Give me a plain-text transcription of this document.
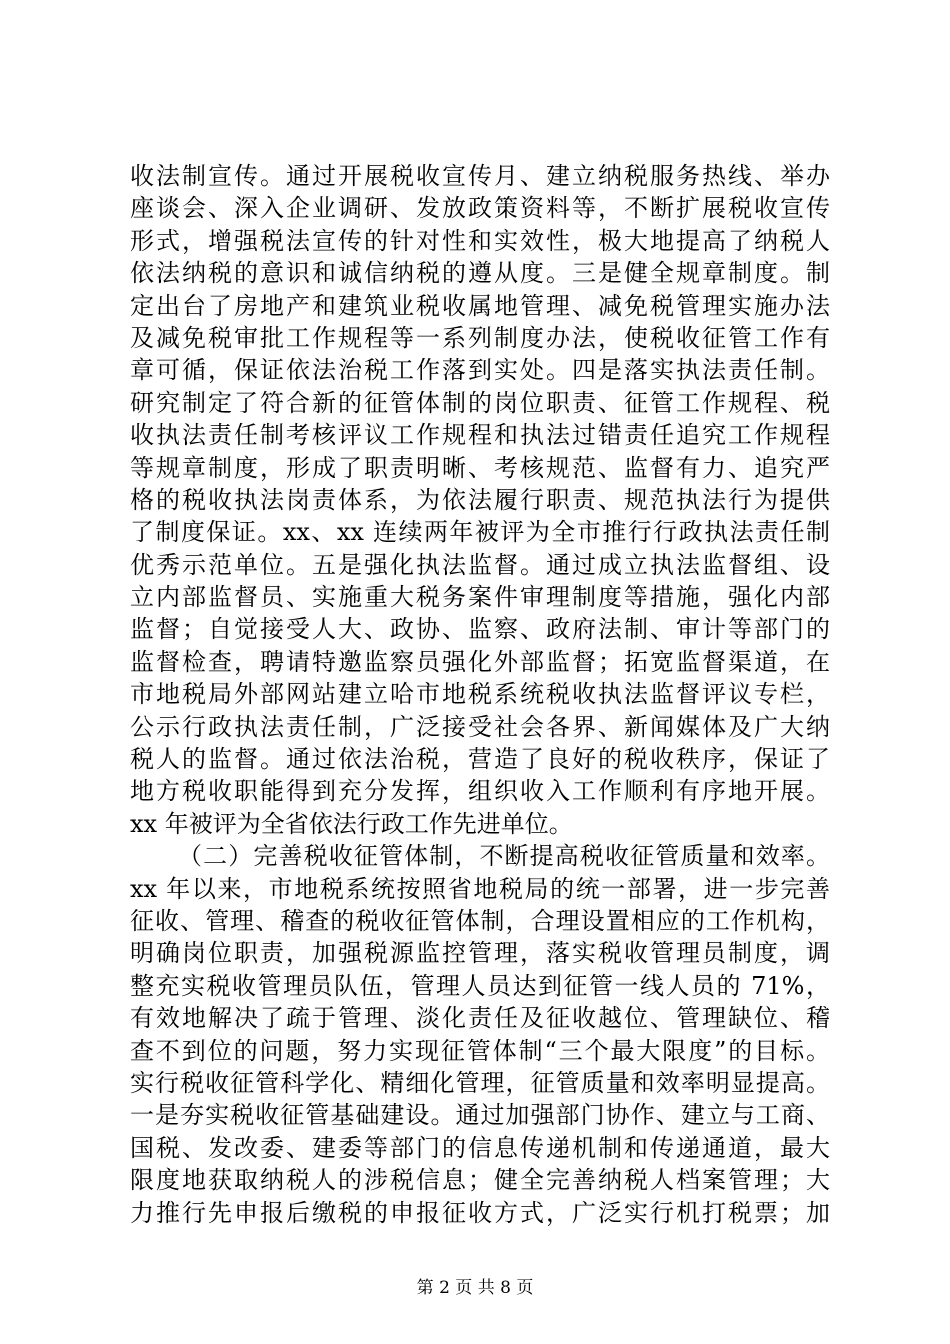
收法制宣传。通过开展税收宣传月、建立纳税服务热线、举办
座谈会、深入企业调研、发放政策资料等，不断扩展税收宣传
形式，增强税法宣传的针对性和实效性，极大地提高了纳税人
依法纳税的意识和诚信纳税的遵从度。三是健全规章制度。制
定出台了房地产和建筑业税收属地管理、减免税管理实施办法
及减免税审批工作规程等一系列制度办法，使税收征管工作有
章可循，保证依法治税工作落到实处。四是落实执法责任制。
研究制定了符合新的征管体制的岗位职责、征管工作规程、税
收执法责任制考核评议工作规程和执法过错责任追究工作规程
等规章制度，形成了职责明晰、考核规范、监督有力、追究严
格的税收执法岗责体系，为依法履行职责、规范执法行为提供
了制度保证。xx、xx 连续两年被评为全市推行行政执法责任制
优秀示范单位。五是强化执法监督。通过成立执法监督组、设
立内部监督员、实施重大税务案件审理制度等措施，强化内部
监督；自觉接受人大、政协、监察、政府法制、审计等部门的
监督检查，聘请特邀监察员强化外部监督；拓宽监督渠道，在
市地税局外部网站建立哈市地税系统税收执法监督评议专栏，
公示行政执法责任制，广泛接受社会各界、新闻媒体及广大纳
税人的监督。通过依法治税，营造了良好的税收秩序，保证了
地方税收职能得到充分发挥，组织收入工作顺利有序地开展。
xx 年被评为全省依法行政工作先进单位。
（二）完善税收征管体制，不断提高税收征管质量和效率。
xx 年以来，市地税系统按照省地税局的统一部署，进一步完善
征收、管理、稽查的税收征管体制，合理设置相应的工作机构，
明确岗位职责，加强税源监控管理，落实税收管理员制度，调
整充实税收管理员队伍，管理人员达到征管一线人员的 71%，
有效地解决了疏于管理、淡化责任及征收越位、管理缺位、稽
查不到位的问题，努力实现征管体制“三个最大限度”的目标。
实行税收征管科学化、精细化管理，征管质量和效率明显提高。
一是夯实税收征管基础建设。通过加强部门协作、建立与工商、
国税、发改委、建委等部门的信息传递机制和传递通道，最大
限度地获取纳税人的涉税信息；健全完善纳税人档案管理；大
力推行先申报后缴税的申报征收方式，广泛实行机打税票；加
第 2 页 共 8 页
